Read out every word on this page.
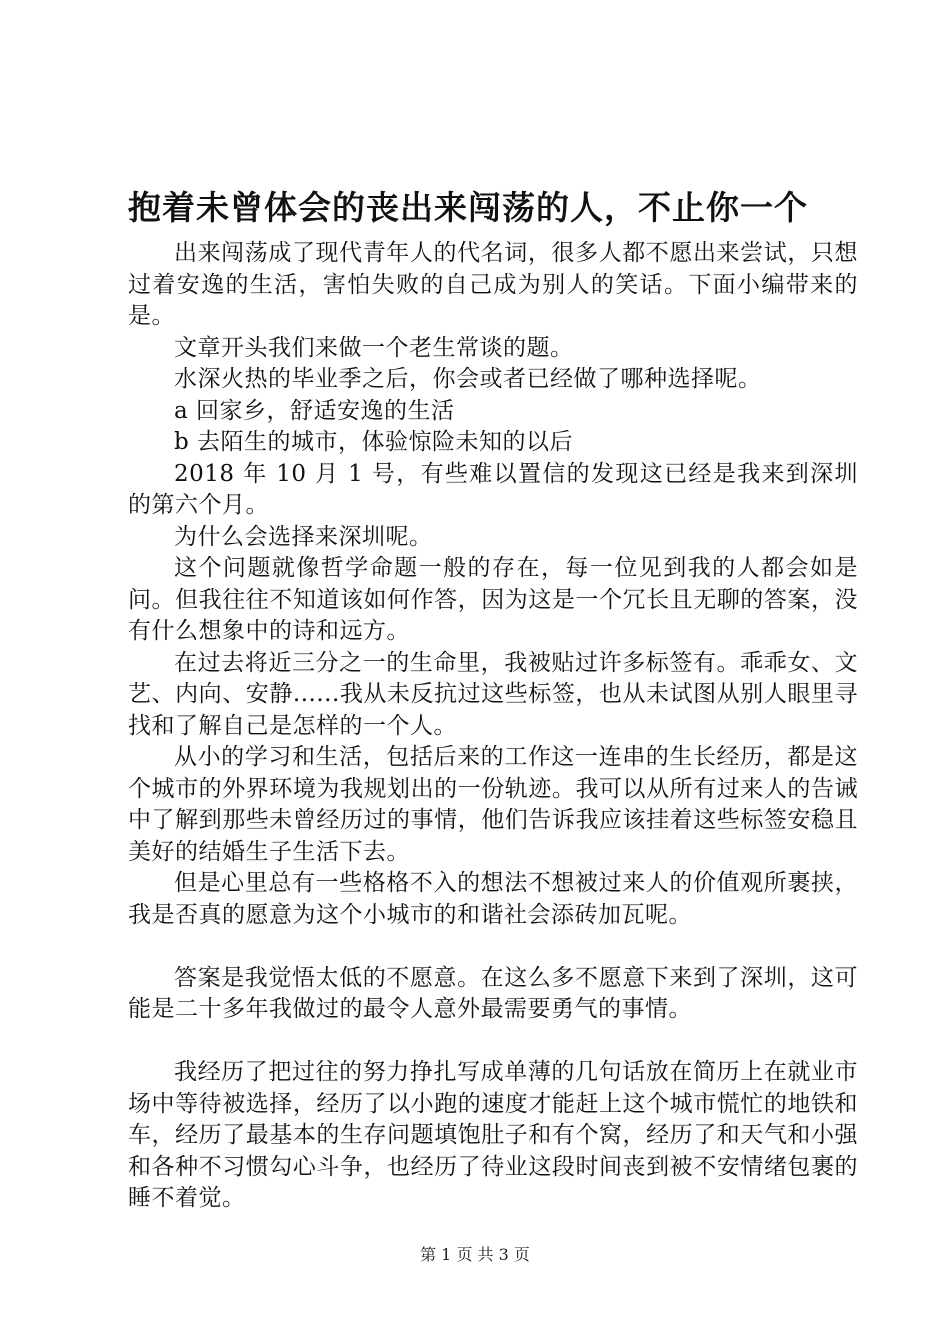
抱着未曾体会的丧出来闯荡的人，不止你一个

出来闯荡成了现代青年人的代名词，很多人都不愿出来尝试，只想过着安逸的生活，害怕失败的自己成为别人的笑话。下面小编带来的是。

文章开头我们来做一个老生常谈的题。

水深火热的毕业季之后，你会或者已经做了哪种选择呢。

a 回家乡，舒适安逸的生活

b 去陌生的城市，体验惊险未知的以后

2018 年 10 月 1 号，有些难以置信的发现这已经是我来到深圳的第六个月。

为什么会选择来深圳呢。

这个问题就像哲学命题一般的存在，每一位见到我的人都会如是问。但我往往不知道该如何作答，因为这是一个冗长且无聊的答案，没有什么想象中的诗和远方。

在过去将近三分之一的生命里，我被贴过许多标签有。乖乖女、文艺、内向、安静......我从未反抗过这些标签，也从未试图从别人眼里寻找和了解自己是怎样的一个人。

从小的学习和生活，包括后来的工作这一连串的生长经历，都是这个城市的外界环境为我规划出的一份轨迹。我可以从所有过来人的告诫中了解到那些未曾经历过的事情，他们告诉我应该挂着这些标签安稳且美好的结婚生子生活下去。

但是心里总有一些格格不入的想法不想被过来人的价值观所裹挟，我是否真的愿意为这个小城市的和谐社会添砖加瓦呢。

答案是我觉悟太低的不愿意。在这么多不愿意下来到了深圳，这可能是二十多年我做过的最令人意外最需要勇气的事情。

我经历了把过往的努力挣扎写成单薄的几句话放在简历上在就业市场中等待被选择，经历了以小跑的速度才能赶上这个城市慌忙的地铁和车，经历了最基本的生存问题填饱肚子和有个窝，经历了和天气和小强和各种不习惯勾心斗争，也经历了待业这段时间丧到被不安情绪包裹的睡不着觉。

第 1 页 共 3 页
